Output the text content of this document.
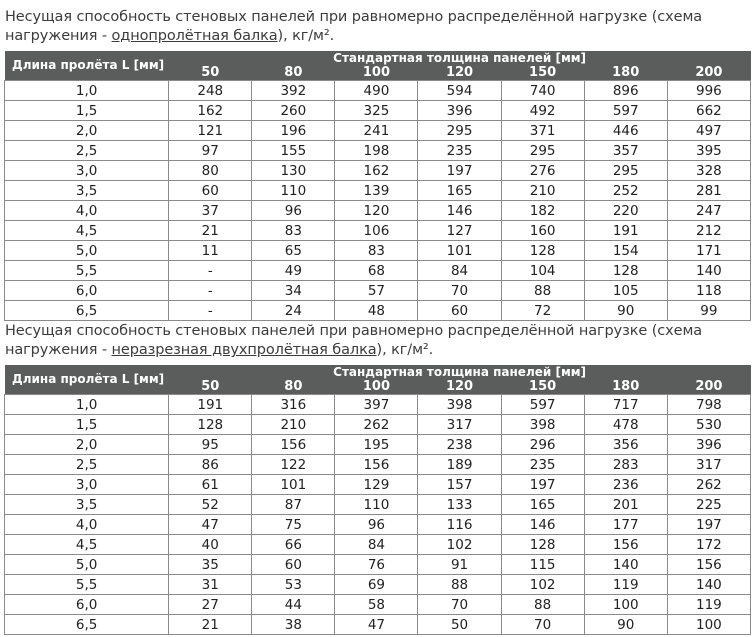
Несущая способность стеновых панелей при равномерно распределённой нагрузке (схема нагружения - однопролётная балка), кг/м².
Длина пролёта L [мм]	Стандартная толщина панелей [мм]						
	50	80	100	120	150	180	200
1,0	248	392	490	594	740	896	996
1,5	162	260	325	396	492	597	662
2,0	121	196	241	295	371	446	497
2,5	97	155	198	235	295	357	395
3,0	80	130	162	197	276	295	328
3,5	60	110	139	165	210	252	281
4,0	37	96	120	146	182	220	247
4,5	21	83	106	127	160	191	212
5,0	11	65	83	101	128	154	171
5,5	-	49	68	84	104	128	140
6,0	-	34	57	70	88	105	118
6,5	-	24	48	60	72	90	99
Несущая способность стеновых панелей при равномерно распределённой нагрузке (схема нагружения - неразрезная двухпролётная балка), кг/м².
Длина пролёта L [мм]	Стандартная толщина панелей [мм]						
	50	80	100	120	150	180	200
1,0	191	316	397	398	597	717	798
1,5	128	210	262	317	398	478	530
2,0	95	156	195	238	296	356	396
2,5	86	122	156	189	235	283	317
3,0	61	101	129	157	197	236	262
3,5	52	87	110	133	165	201	225
4,0	47	75	96	116	146	177	197
4,5	40	66	84	102	128	156	172
5,0	35	60	76	91	115	140	156
5,5	31	53	69	88	102	119	140
6,0	27	44	58	70	88	100	119
6,5	21	38	47	50	70	90	100
